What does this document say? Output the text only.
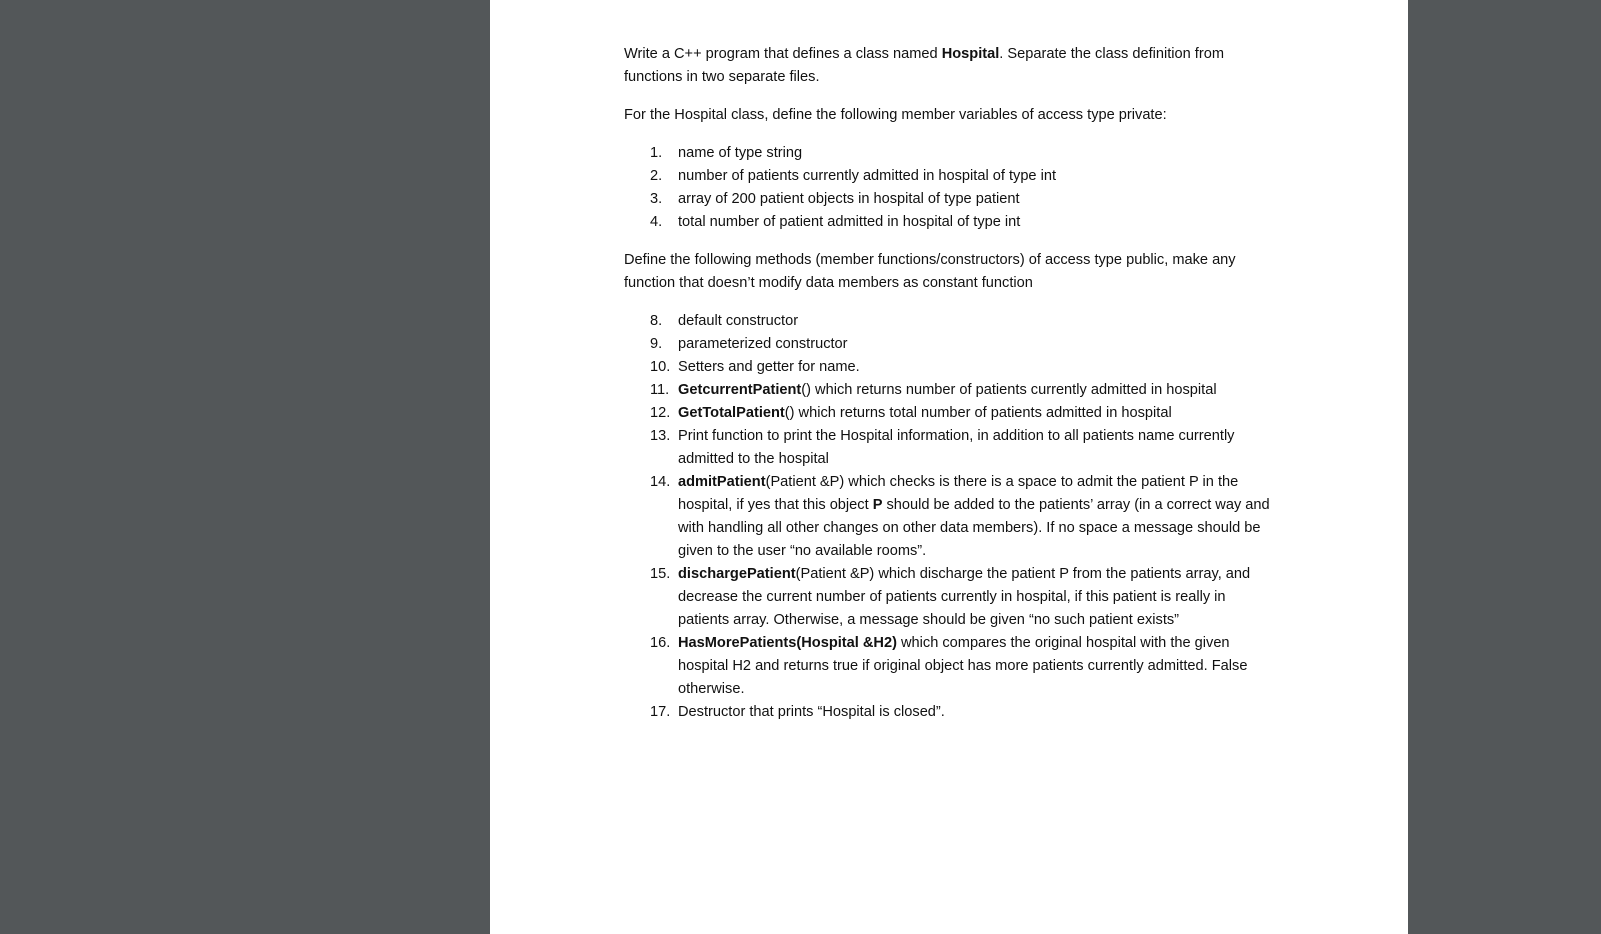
Write a C++ program that defines a class named Hospital. Separate the class definition from functions in two separate files.

For the Hospital class, define the following member variables of access type private:

1. name of type string
2. number of patients currently admitted in hospital of type int
3. array of 200 patient objects in hospital of type patient
4. total number of patient admitted in hospital of type int

Define the following methods (member functions/constructors) of access type public, make any function that doesn’t modify data members as constant function

8. default constructor
9. parameterized constructor
10. Setters and getter for name.
11. GetcurrentPatient() which returns number of patients currently admitted in hospital
12. GetTotalPatient() which returns total number of patients admitted in hospital
13. Print function to print the Hospital information, in addition to all patients name currently admitted to the hospital
14. admitPatient(Patient &P) which checks is there is a space to admit the patient P in the hospital, if yes that this object P should be added to the patients’ array (in a correct way and with handling all other changes on other data members). If no space a message should be given to the user “no available rooms”.
15. dischargePatient(Patient &P) which discharge the patient P from the patients array, and decrease the current number of patients currently in hospital, if this patient is really in patients array. Otherwise, a message should be given “no such patient exists”
16. HasMorePatients(Hospital &H2) which compares the original hospital with the given hospital H2 and returns true if original object has more patients currently admitted. False otherwise.
17. Destructor that prints “Hospital is closed”.
